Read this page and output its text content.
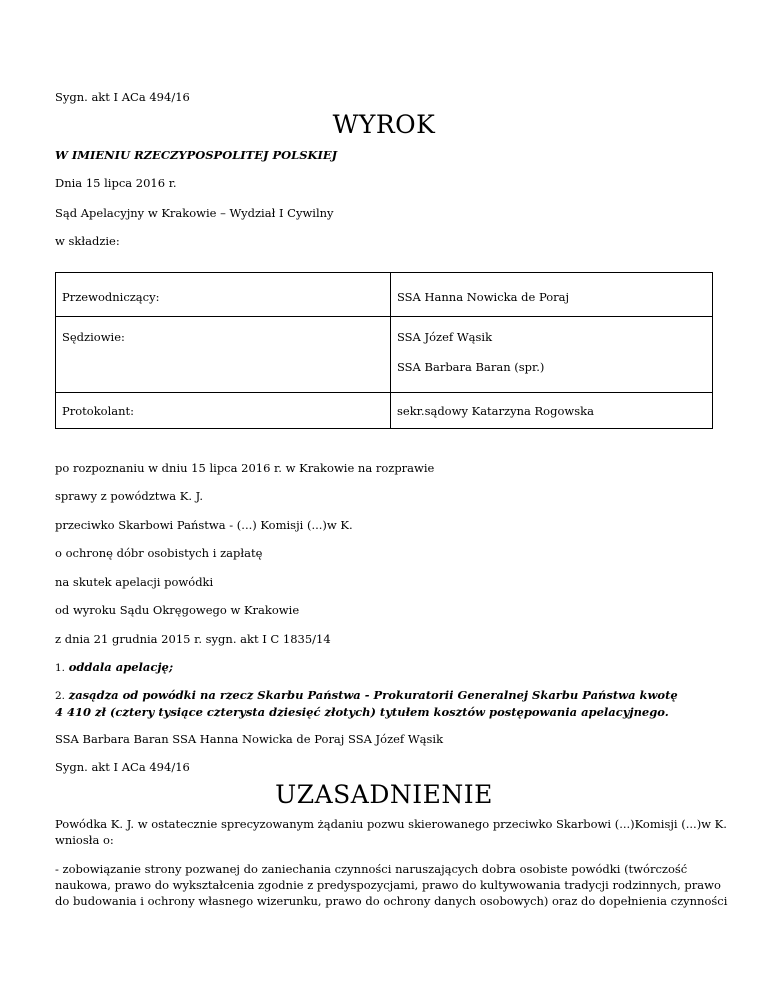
Sygn. akt I ACa 494/16
WYROK
W IMIENIU RZECZYPOSPOLITEJ POLSKIEJ
Dnia 15 lipca 2016 r.
Sąd Apelacyjny w Krakowie – Wydział I Cywilny
w składzie:
Przewodniczący:	SSA Hanna Nowicka de Poraj
Sędziowie:	SSA Józef Wąsik
SSA Barbara Baran (spr.)

Protokolant:	sekr.sądowy Katarzyna Rogowska
po rozpoznaniu w dniu 15 lipca 2016 r. w Krakowie na rozprawie
sprawy z powództwa K. J.
przeciwko Skarbowi Państwa - (...) Komisji (...)w K.
o ochronę dóbr osobistych i zapłatę
na skutek apelacji powódki
od wyroku Sądu Okręgowego w Krakowie
z dnia 21 grudnia 2015 r. sygn. akt I C 1835/14
1. oddala apelację;
2. zasądza od powódki na rzecz Skarbu Państwa - Prokuratorii Generalnej Skarbu Państwa kwotę
4 410 zł (cztery tysiące czterysta dziesięć złotych) tytułem kosztów postępowania apelacyjnego.
SSA Barbara Baran SSA Hanna Nowicka de Poraj SSA Józef Wąsik
Sygn. akt I ACa 494/16
UZASADNIENIE
Powódka K. J. w ostatecznie sprecyzowanym żądaniu pozwu skierowanego przeciwko Skarbowi (...)Komisji (...)w K.
wniosła o:
- zobowiązanie strony pozwanej do zaniechania czynności naruszających dobra osobiste powódki (twórczość
naukowa, prawo do wykształcenia zgodnie z predyspozycjami, prawo do kultywowania tradycji rodzinnych, prawo
do budowania i ochrony własnego wizerunku, prawo do ochrony danych osobowych) oraz do dopełnienia czynności
